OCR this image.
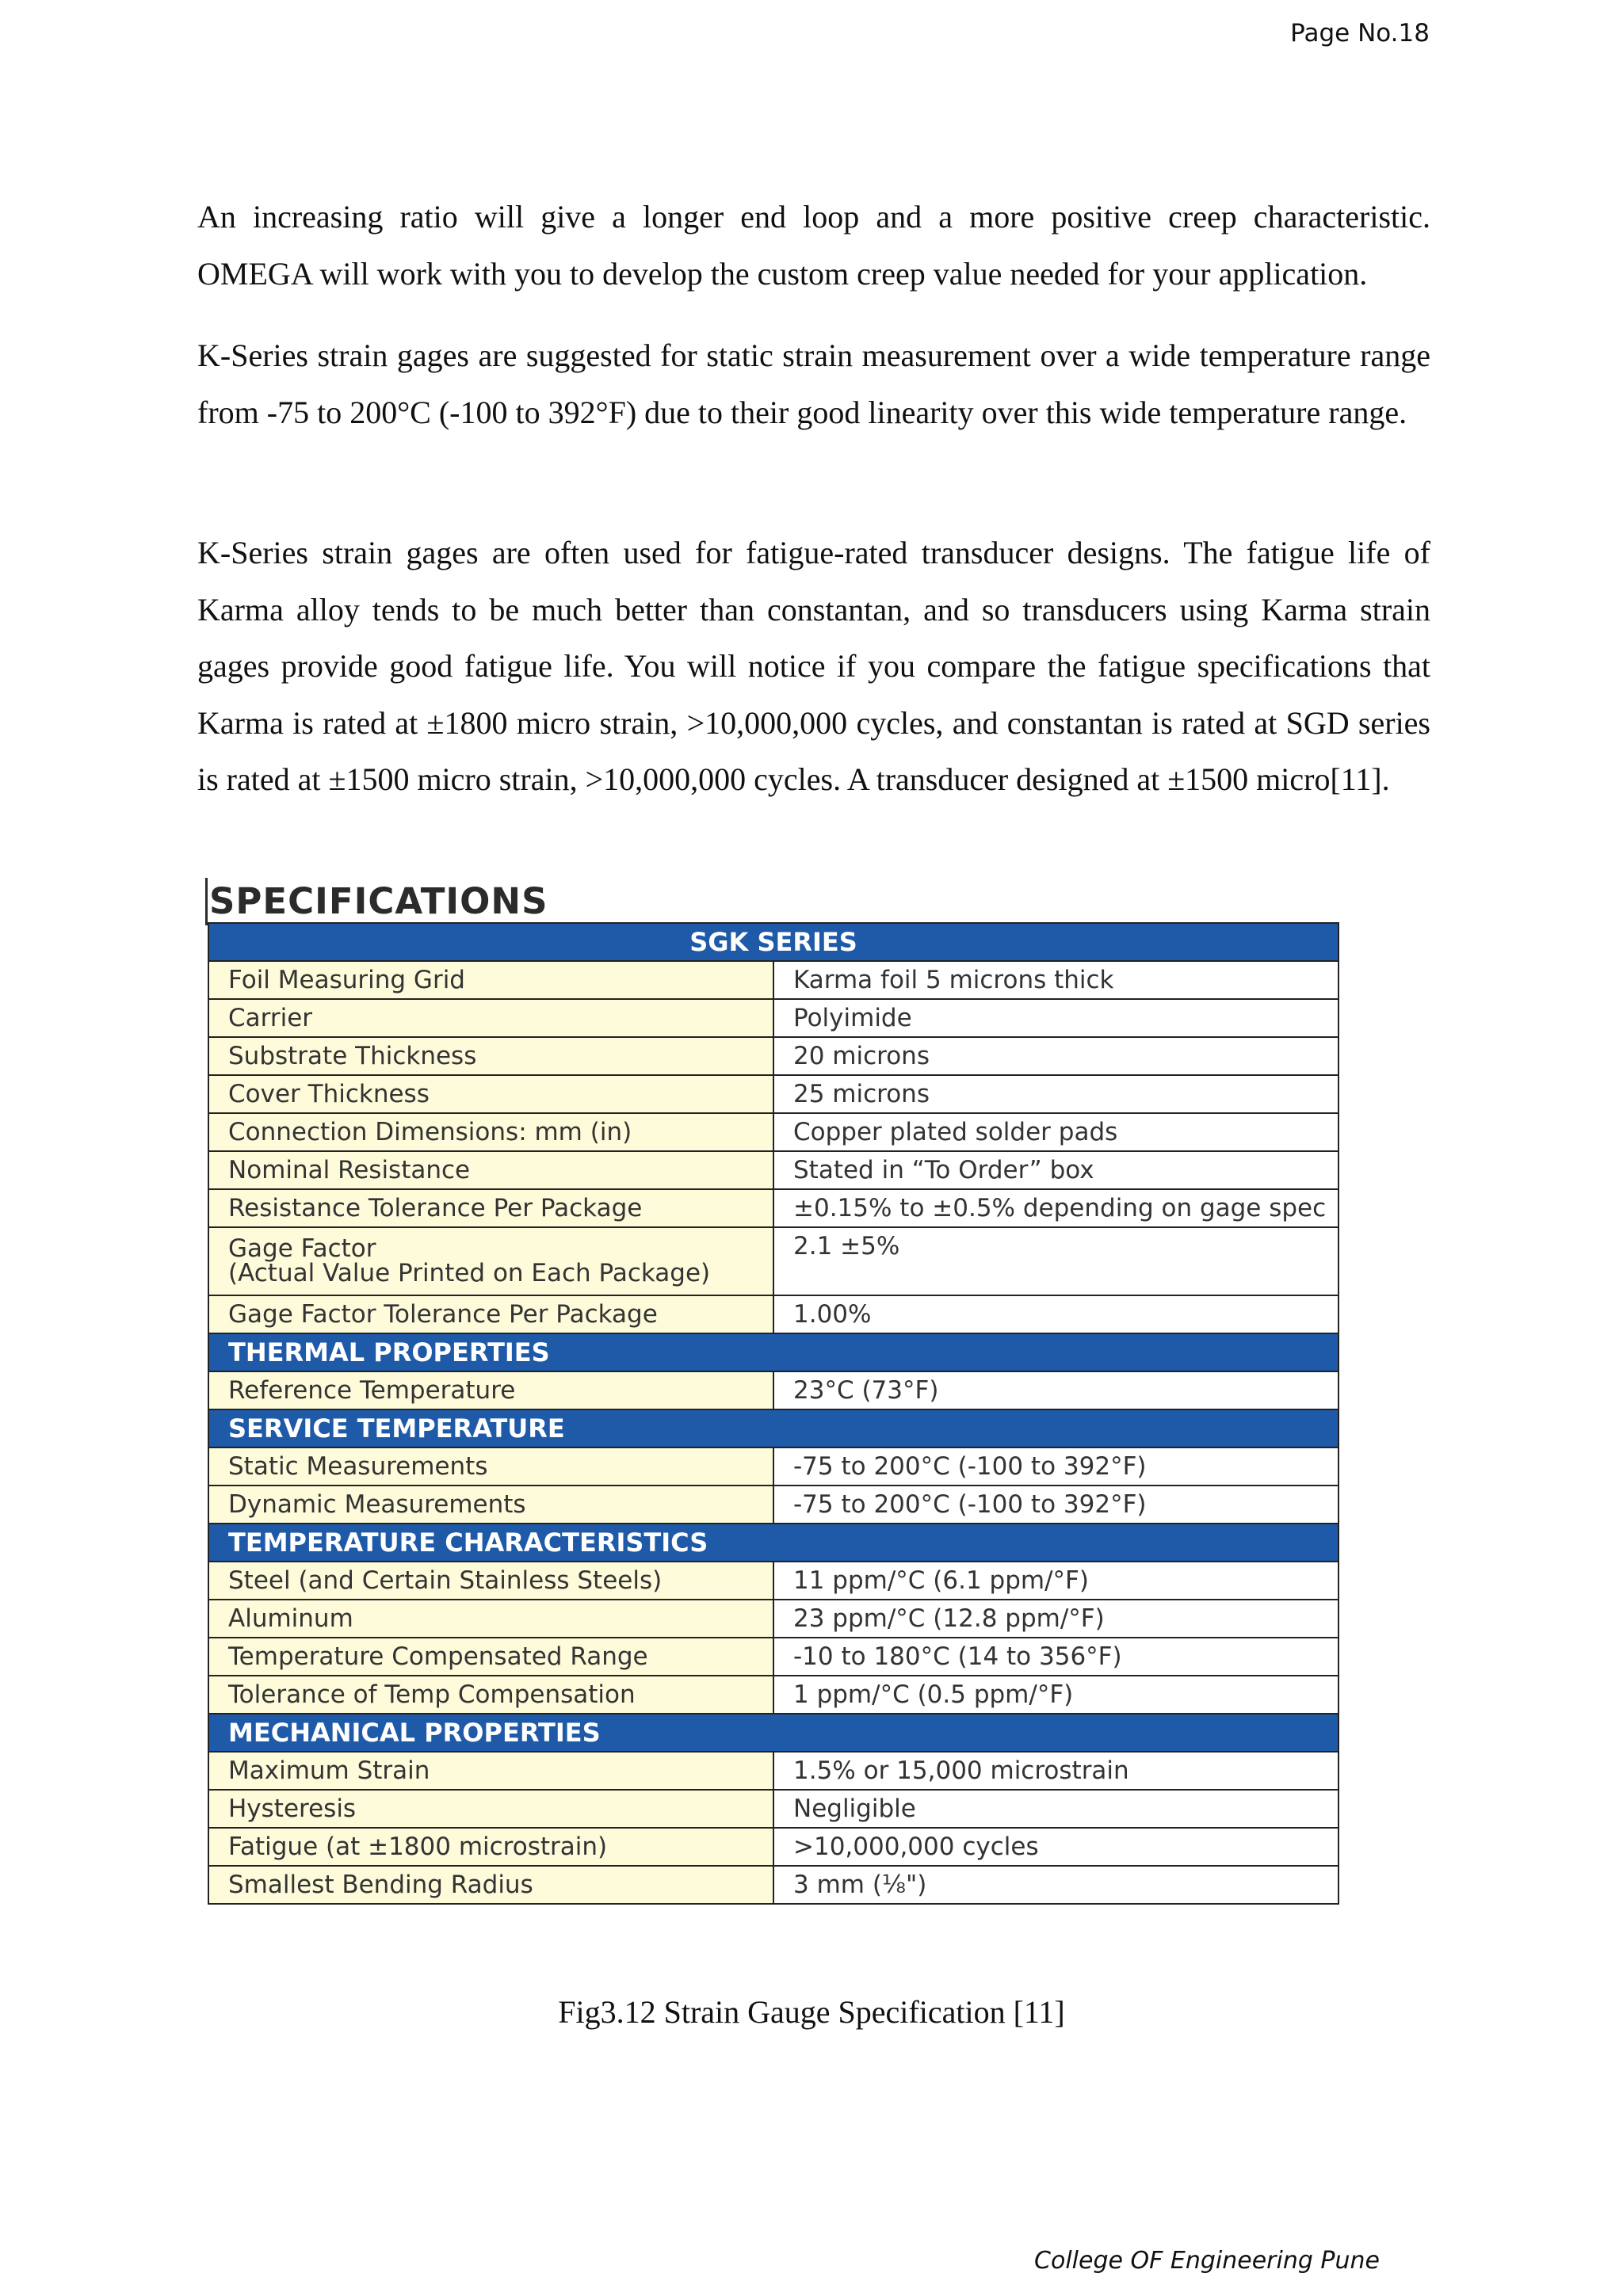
Page No.18

An increasing ratio will give a longer end loop and a more positive creep characteristic. OMEGA will work with you to develop the custom creep value needed for your application.

K-Series strain gages are suggested for static strain measurement over a wide temperature range from -75 to 200°C (-100 to 392°F) due to their good linearity over this wide temperature range.

K-Series strain gages are often used for fatigue-rated transducer designs. The fatigue life of Karma alloy tends to be much better than constantan, and so transducers using Karma strain gages provide good fatigue life. You will notice if you compare the fatigue specifications that Karma is rated at ±1800 micro strain, >10,000,000 cycles, and constantan is rated at SGD series is rated at ±1500 micro strain, >10,000,000 cycles. A transducer designed at ±1500 micro[11].

SPECIFICATIONS
SGK SERIES	
Foil Measuring Grid	Karma foil 5 microns thick
Carrier	Polyimide
Substrate Thickness	20 microns
Cover Thickness	25 microns
Connection Dimensions: mm (in)	Copper plated solder pads
Nominal Resistance	Stated in “To Order” box
Resistance Tolerance Per Package	±0.15% to ±0.5% depending on gage spec

Gage Factor
(Actual Value Printed on Each Package)	2.1 ±5%
Gage Factor Tolerance Per Package	1.00%
THERMAL PROPERTIES	
Reference Temperature	23°C (73°F)
SERVICE TEMPERATURE	
Static Measurements	-75 to 200°C (-100 to 392°F)
Dynamic Measurements	-75 to 200°C (-100 to 392°F)
TEMPERATURE CHARACTERISTICS	
Steel (and Certain Stainless Steels)	11 ppm/°C (6.1 ppm/°F)
Aluminum	23 ppm/°C (12.8 ppm/°F)
Temperature Compensated Range	-10 to 180°C (14 to 356°F)
Tolerance of Temp Compensation	1 ppm/°C (0.5 ppm/°F)
MECHANICAL PROPERTIES	
Maximum Strain	1.5% or 15,000 microstrain
Hysteresis	Negligible
Fatigue (at ±1800 microstrain)	>10,000,000 cycles
Smallest Bending Radius	3 mm (⅛")
Fig3.12 Strain Gauge Specification [11]
College OF Engineering Pune
